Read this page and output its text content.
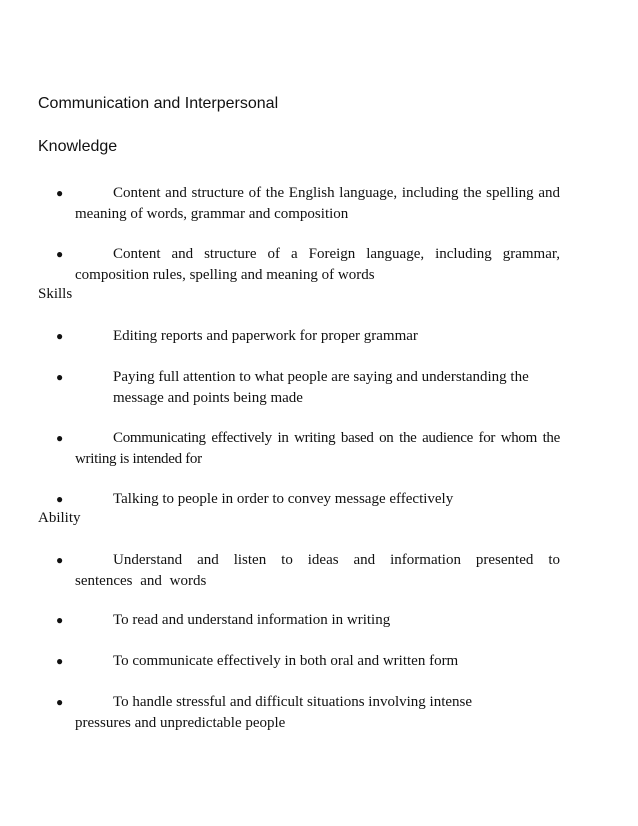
Communication and Interpersonal
Knowledge
●	Content and structure of the English language, including the spelling and meaning of words, grammar and composition
●	Content and structure of a Foreign language, including grammar, composition rules, spelling and meaning of words
Skills
●	Editing reports and paperwork for proper grammar
●	Paying full attention to what people are saying and understanding the message and points being made
●	Communicating effectively in writing based on the audience for whom the writing is intended for
●	Talking to people in order to convey message effectively
Ability
●	Understand and listen to ideas and information presented to sentences and words
●	To read and understand information in writing
●	To communicate effectively in both oral and written form
●	To handle stressful and difficult situations involving intense pressures and unpredictable people
